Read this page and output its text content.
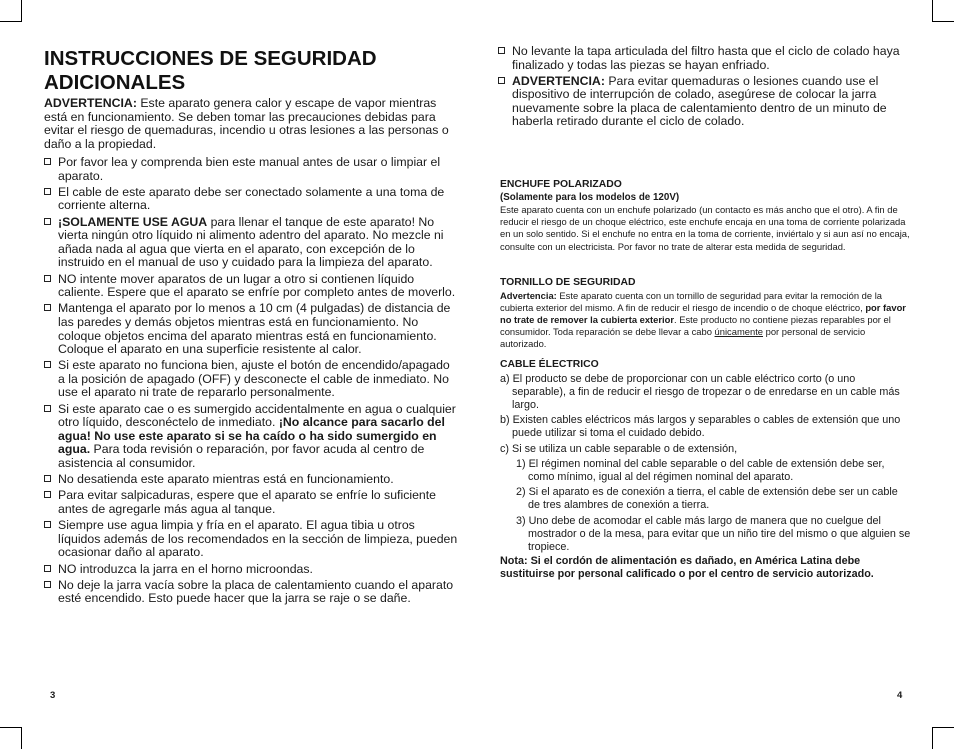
INSTRUCCIONES DE SEGURIDAD ADICIONALES
ADVERTENCIA: Este aparato genera calor y escape de vapor mientras está en funcionamiento. Se deben tomar las precauciones debidas para evitar el riesgo de quemaduras, incendio u otras lesiones a las personas o daño a la propiedad.
Por favor lea y comprenda bien este manual antes de usar o limpiar el aparato.
El cable de este aparato debe ser conectado solamente a una toma de corriente alterna.
¡SOLAMENTE USE AGUA para llenar el tanque de este aparato! No vierta ningún otro líquido ni alimento adentro del aparato. No mezcle ni añada nada al agua que vierta en el aparato, con excepción de lo instruido en el manual de uso y cuidado para la limpieza del aparato.
NO intente mover aparatos de un lugar a otro si contienen líquido caliente. Espere que el aparato se enfríe por completo antes de moverlo.
Mantenga el aparato por lo menos a 10 cm (4 pulgadas) de distancia de las paredes y demás objetos mientras está en funcionamiento. No coloque objetos encima del aparato mientras está en funcionamiento. Coloque el aparato en una superficie resistente al calor.
Si este aparato no funciona bien, ajuste el botón de encendido/apagado a la posición de apagado (OFF) y desconecte el cable de inmediato. No use el aparato ni trate de repararlo personalmente.
Si este aparato cae o es sumergido accidentalmente en agua o cualquier otro líquido, desconéctelo de inmediato. ¡No alcance para sacarlo del agua! No use este aparato si se ha caído o ha sido sumergido en agua. Para toda revisión o reparación, por favor acuda al centro de asistencia al consumidor.
No desatienda este aparato mientras está en funcionamiento.
Para evitar salpicaduras, espere que el aparato se enfríe lo suficiente antes de agregarle más agua al tanque.
Siempre use agua limpia y fría en el aparato. El agua tibia u otros líquidos además de los recomendados en la sección de limpieza, pueden ocasionar daño al aparato.
NO introduzca la jarra en el horno microondas.
No deje la jarra vacía sobre la placa de calentamiento cuando el aparato esté encendido. Esto puede hacer que la jarra se raje o se dañe.
3
No levante la tapa articulada del filtro hasta que el ciclo de colado haya finalizado y todas las piezas se hayan enfriado.
ADVERTENCIA: Para evitar quemaduras o lesiones cuando use el dispositivo de interrupción de colado, asegúrese de colocar la jarra nuevamente sobre la placa de calentamiento dentro de un minuto de haberla retirado durante el ciclo de colado.
ENCHUFE POLARIZADO
(Solamente para los modelos de 120V)
Este aparato cuenta con un enchufe polarizado (un contacto es más ancho que el otro). A fin de reducir el riesgo de un choque eléctrico, este enchufe encaja en una toma de corriente polarizada en un solo sentido. Si el enchufe no entra en la toma de corriente, inviértalo y si aun así no encaja, consulte con un electricista. Por favor no trate de alterar esta medida de seguridad.
TORNILLO DE SEGURIDAD
Advertencia: Este aparato cuenta con un tornillo de seguridad para evitar la remoción de la cubierta exterior del mismo. A fin de reducir el riesgo de incendio o de choque eléctrico, por favor no trate de remover la cubierta exterior. Este producto no contiene piezas reparables por el consumidor. Toda reparación se debe llevar a cabo únicamente por personal de servicio autorizado.
CABLE ÉLECTRICO
a) El producto se debe de proporcionar con un cable eléctrico corto (o uno separable), a fin de reducir el riesgo de tropezar o de enredarse en un cable más largo.
b) Existen cables eléctricos más largos y separables o cables de extensión que uno puede utilizar si toma el cuidado debido.
c) Si se utiliza un cable separable o de extensión,
1) El régimen nominal del cable separable o del cable de extensión debe ser, como mínimo, igual al del régimen nominal del aparato.
2) Si el aparato es de conexión a tierra, el cable de extensión debe ser un cable de tres alambres de conexión a tierra.
3) Uno debe de acomodar el cable más largo de manera que no cuelgue del mostrador o de la mesa, para evitar que un niño tire del mismo o que alguien se tropiece.
Nota: Si el cordón de alimentación es dañado, en América Latina debe sustituirse por personal calificado o por el centro de servicio autorizado.
4
